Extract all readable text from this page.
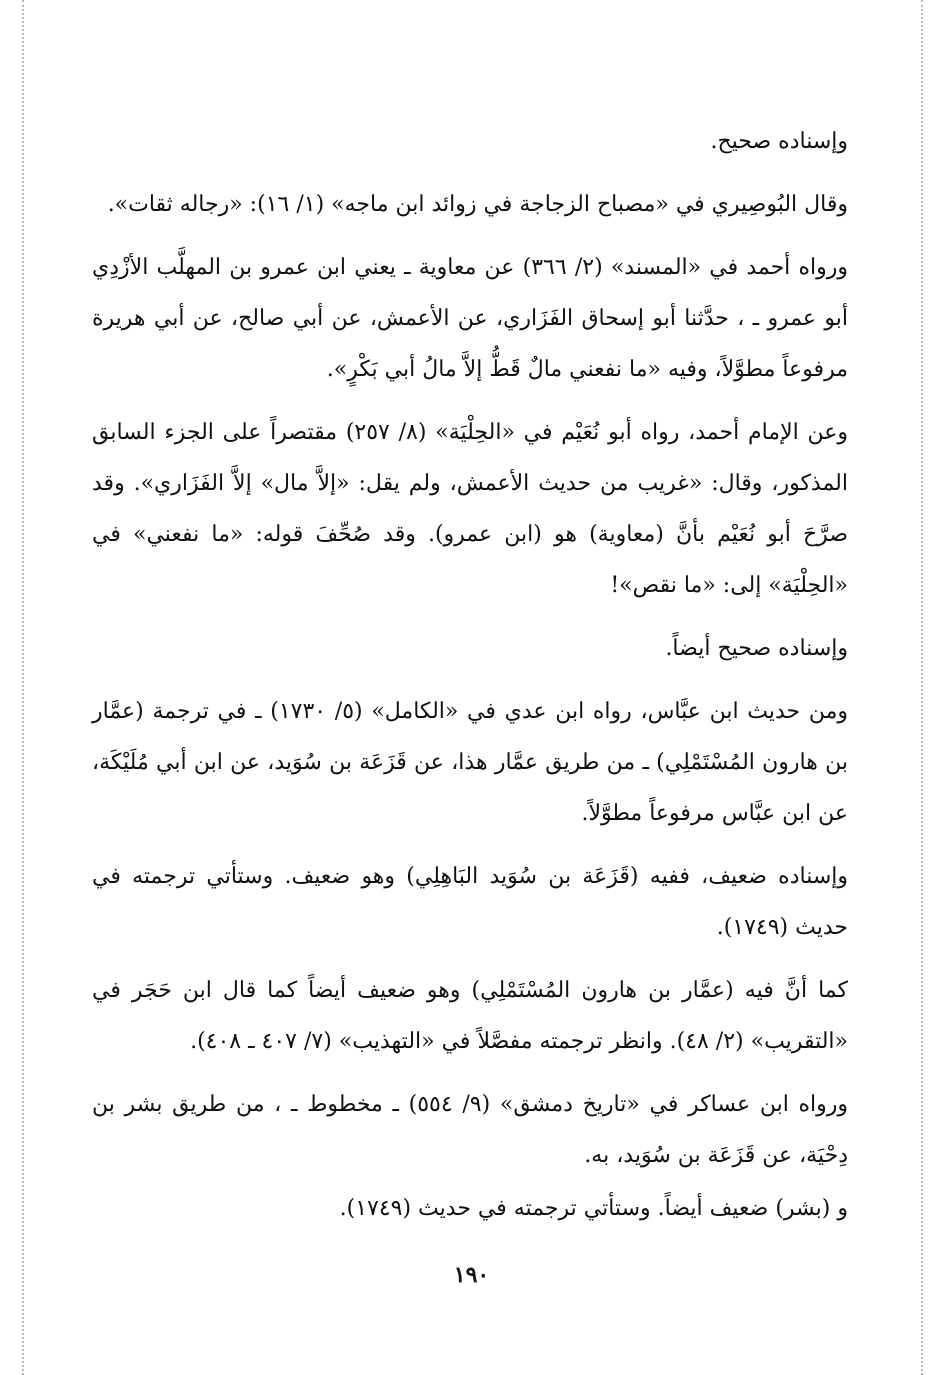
وإسناده صحيح.

وقال البُوصِيري في «مصباح الزجاجة في زوائد ابن ماجه» (١/ ١٦): «رجاله ثقات».

ورواه أحمد في «المسند» (٢/ ٣٦٦) عن معاوية ـ يعني ابن عمرو بن المهلَّب الأزْدِي أبو عمرو ـ ، حدَّثنا أبو إسحاق الفَزَاري، عن الأعمش، عن أبي صالح، عن أبي هريرة مرفوعاً مطوَّلاً، وفيه «ما نفعني مالٌ قَطُّ إلاَّ مالُ أبي بَكْرٍ».

وعن الإمام أحمد، رواه أبو نُعَيْم في «الحِلْيَة» (٨/ ٢٥٧) مقتصراً على الجزء السابق المذكور، وقال: «غريب من حديث الأعمش، ولم يقل: «إلاَّ مال» إلاَّ الفَزَاري». وقد صرَّحَ أبو نُعَيْم بأنَّ (معاوية) هو (ابن عمرو). وقد صُحِّفَ قوله: «ما نفعني» في «الحِلْيَة» إلى: «ما نقص»!

وإسناده صحيح أيضاً.

ومن حديث ابن عبَّاس، رواه ابن عدي في «الكامل» (٥/ ١٧٣٠) ـ في ترجمة (عمَّار بن هارون المُسْتَمْلِي) ـ من طريق عمَّار هذا، عن قَزَعَة بن سُوَيد، عن ابن أبي مُلَيْكَة، عن ابن عبَّاس مرفوعاً مطوَّلاً.

وإسناده ضعيف، ففيه (قَزَعَة بن سُوَيد البَاهِلِي) وهو ضعيف. وستأتي ترجمته في حديث (١٧٤٩).

كما أنَّ فيه (عمَّار بن هارون المُسْتَمْلِي) وهو ضعيف أيضاً كما قال ابن حَجَر في «التقريب» (٢/ ٤٨). وانظر ترجمته مفصَّلاً في «التهذيب» (٧/ ٤٠٧ ـ ٤٠٨).

ورواه ابن عساكر في «تاريخ دمشق» (٩/ ٥٥٤) ـ مخطوط ـ ، من طريق بشر بن دِحْيَة، عن قَزَعَة بن سُوَيد، به.

و (بشر) ضعيف أيضاً. وستأتي ترجمته في حديث (١٧٤٩).

١٩٠
